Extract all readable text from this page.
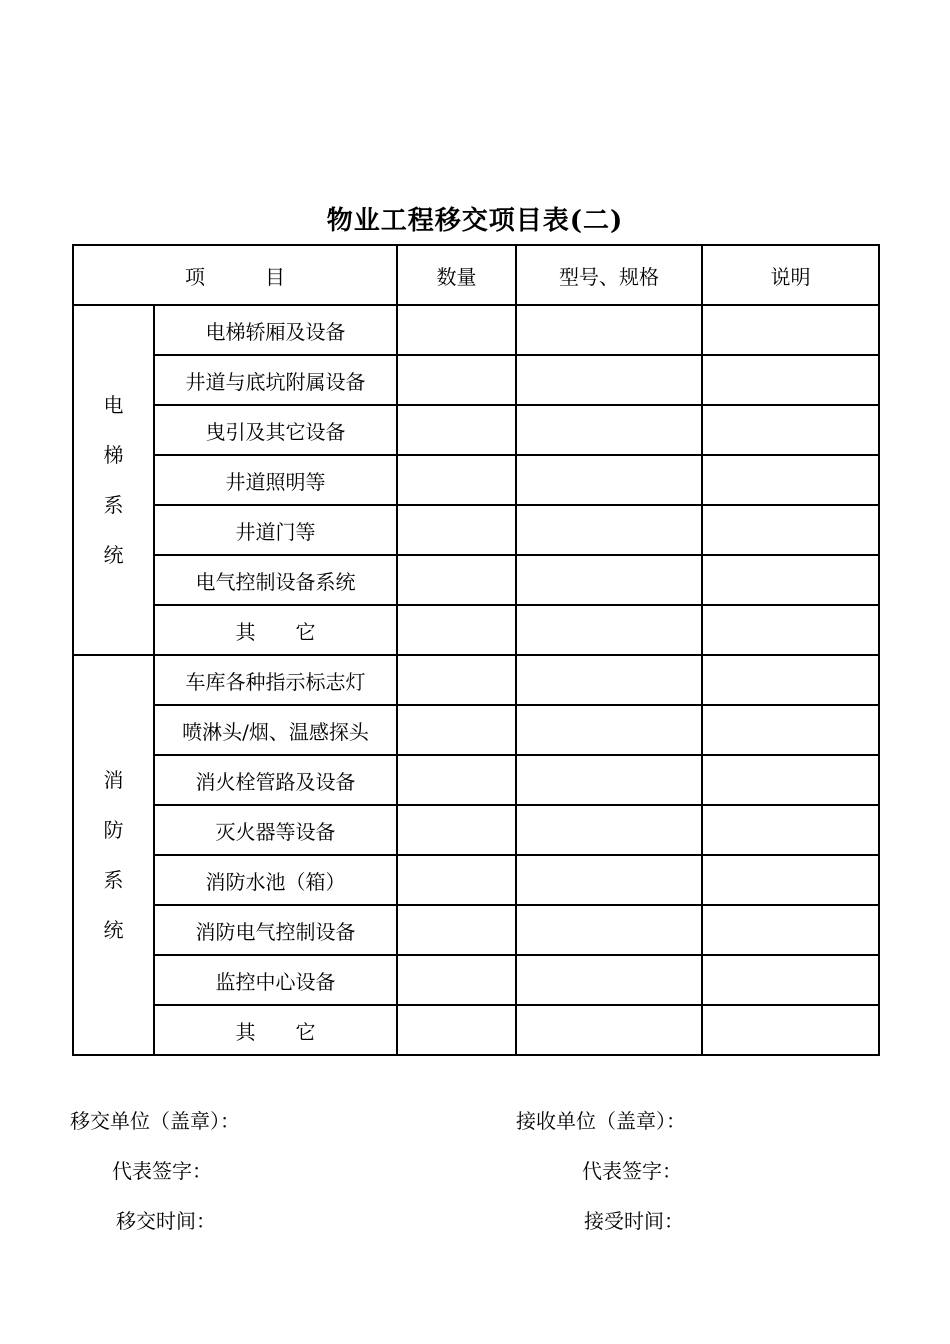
物业工程移交项目表(二)
项　　　目		数量	型号、规格	说明

电
梯
系
统	电梯轿厢及设备			
	井道与底坑附属设备			
	曳引及其它设备			
	井道照明等			
	井道门等			
	电气控制设备系统			
	其　　它			

消
防
系
统	车库各种指示标志灯			
	喷淋头/烟、温感探头			
	消火栓管路及设备			
	灭火器等设备			
	消防水池（箱）			
	消防电气控制设备			
	监控中心设备			
	其　　它			
移交单位（盖章）：	接收单位（盖章）：
代表签字：	代表签字：
移交时间：	接受时间：
